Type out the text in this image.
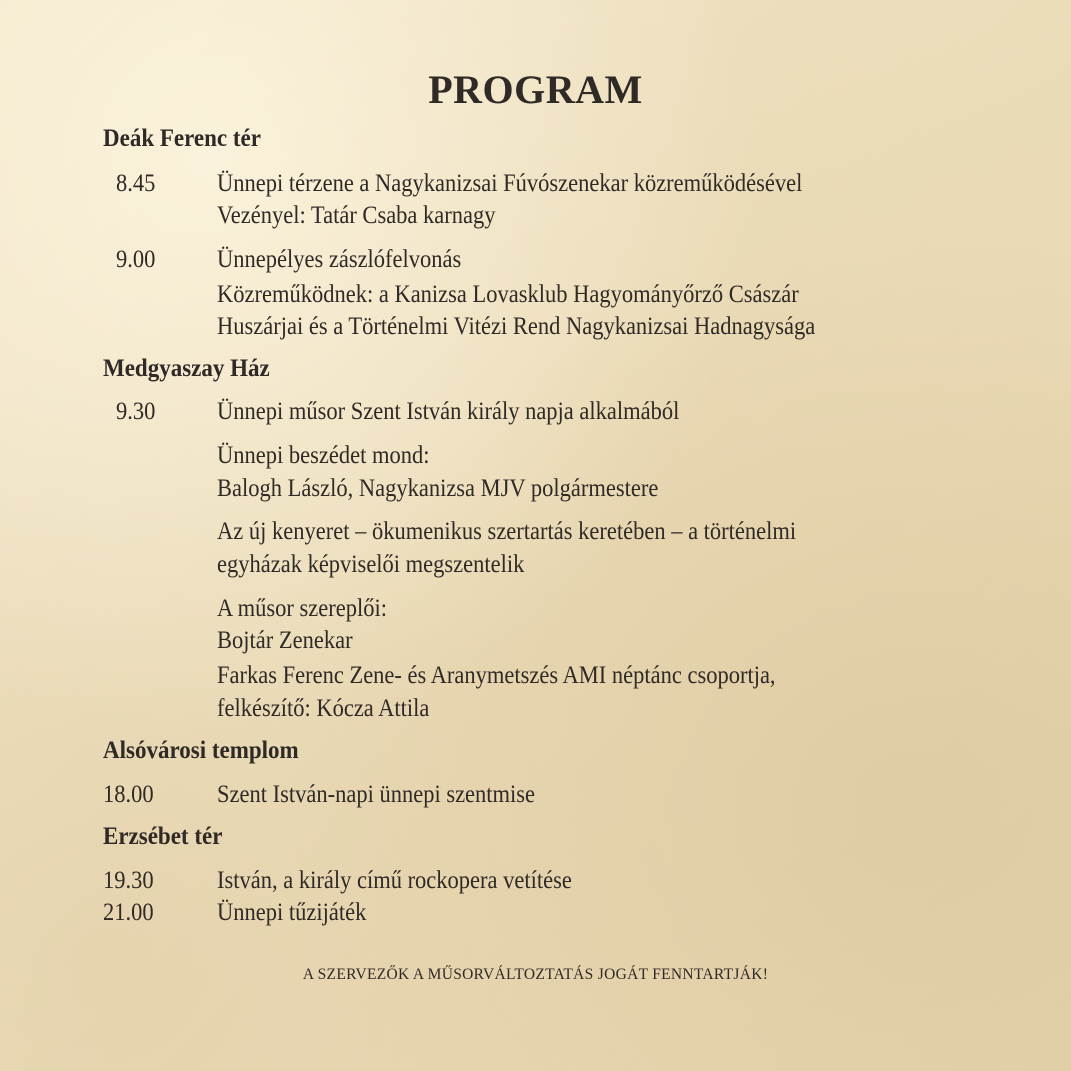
PROGRAM
Deák Ferenc tér
8.45 Ünnepi térzene a Nagykanizsai Fúvószenekar közreműködésével
Vezényel: Tatár Csaba karnagy
9.00 Ünnepélyes zászlófelvonás
Közreműködnek: a Kanizsa Lovasklub Hagyományőrző Császár
Huszárjai és a Történelmi Vitézi Rend Nagykanizsai Hadnagysága
Medgyaszay Ház
9.30 Ünnepi műsor Szent István király napja alkalmából
Ünnepi beszédet mond:
Balogh László, Nagykanizsa MJV polgármestere
Az új kenyeret – ökumenikus szertartás keretében – a történelmi
egyházak képviselői megszentelik
A műsor szereplői:
Bojtár Zenekar
Farkas Ferenc Zene- és Aranymetszés AMI néptánc csoportja,
felkészítő: Kócza Attila
Alsóvárosi templom
18.00	Szent István-napi ünnepi szentmise
Erzsébet tér
19.30	István, a király című rockopera vetítése
21.00	Ünnepi tűzijáték
A SZERVEZŐK A MŰSORVÁLTOZTATÁS JOGÁT FENNTARTJÁK!
